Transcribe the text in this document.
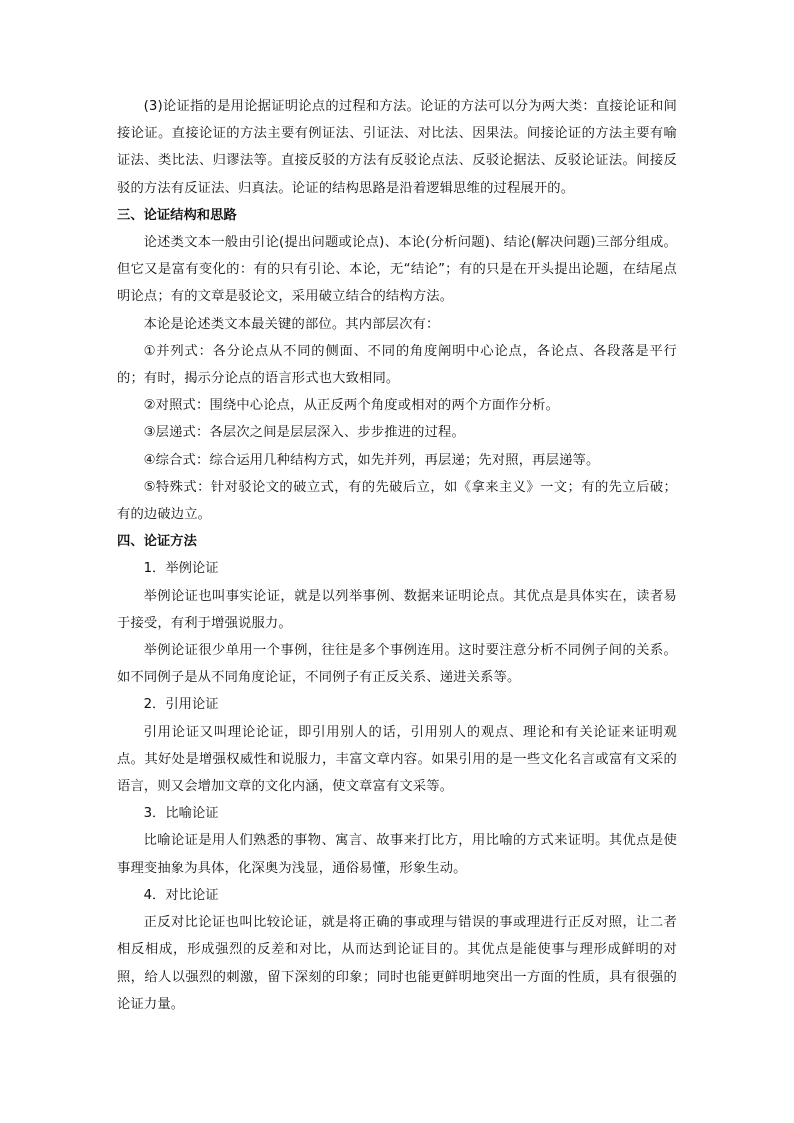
(3)论证指的是用论据证明论点的过程和方法。论证的方法可以分为两大类：直接论证和间接论证。直接论证的方法主要有例证法、引证法、对比法、因果法。间接论证的方法主要有喻证法、类比法、归谬法等。直接反驳的方法有反驳论点法、反驳论据法、反驳论证法。间接反驳的方法有反证法、归真法。论证的结构思路是沿着逻辑思维的过程展开的。

三、论证结构和思路

论述类文本一般由引论(提出问题或论点)、本论(分析问题)、结论(解决问题)三部分组成。但它又是富有变化的：有的只有引论、本论，无“结论”；有的只是在开头提出论题，在结尾点明论点；有的文章是驳论文，采用破立结合的结构方法。

本论是论述类文本最关键的部位。其内部层次有：

①并列式：各分论点从不同的侧面、不同的角度阐明中心论点，各论点、各段落是平行的；有时，揭示分论点的语言形式也大致相同。

②对照式：围绕中心论点，从正反两个角度或相对的两个方面作分析。

③层递式：各层次之间是层层深入、步步推进的过程。

④综合式：综合运用几种结构方式，如先并列，再层递；先对照，再层递等。

⑤特殊式：针对驳论文的破立式，有的先破后立，如《拿来主义》一文；有的先立后破；有的边破边立。

四、论证方法

1．举例论证

举例论证也叫事实论证，就是以列举事例、数据来证明论点。其优点是具体实在，读者易于接受，有利于增强说服力。

举例论证很少单用一个事例，往往是多个事例连用。这时要注意分析不同例子间的关系。如不同例子是从不同角度论证，不同例子有正反关系、递进关系等。

2．引用论证

引用论证又叫理论论证，即引用别人的话，引用别人的观点、理论和有关论证来证明观点。其好处是增强权威性和说服力，丰富文章内容。如果引用的是一些文化名言或富有文采的语言，则又会增加文章的文化内涵，使文章富有文采等。

3．比喻论证

比喻论证是用人们熟悉的事物、寓言、故事来打比方，用比喻的方式来证明。其优点是使事理变抽象为具体，化深奥为浅显，通俗易懂，形象生动。

4．对比论证

正反对比论证也叫比较论证，就是将正确的事或理与错误的事或理进行正反对照，让二者相反相成，形成强烈的反差和对比，从而达到论证目的。其优点是能使事与理形成鲜明的对照，给人以强烈的刺激，留下深刻的印象；同时也能更鲜明地突出一方面的性质，具有很强的论证力量。
